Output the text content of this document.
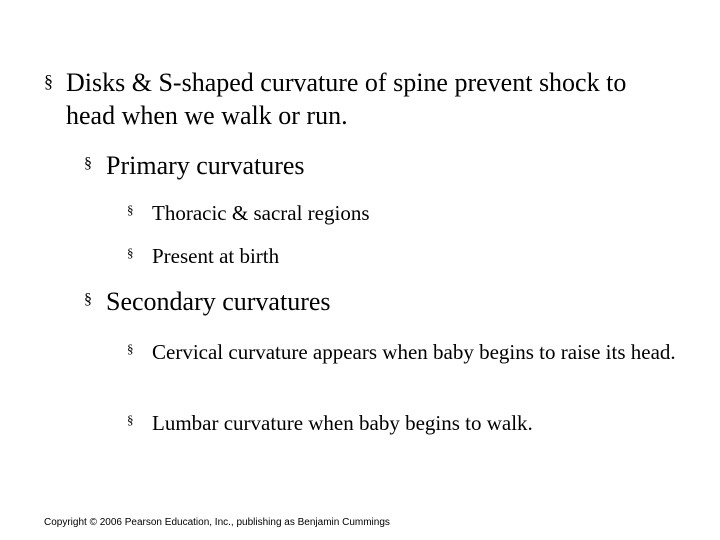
§ Disks & S-shaped curvature of spine prevent shock to head when we walk or run.
§ Primary curvatures
§ Thoracic & sacral regions
§ Present at birth
§ Secondary curvatures
§ Cervical curvature appears when baby begins to raise its head.
§ Lumbar curvature when baby begins to walk.
Copyright © 2006 Pearson Education, Inc., publishing as Benjamin Cummings
